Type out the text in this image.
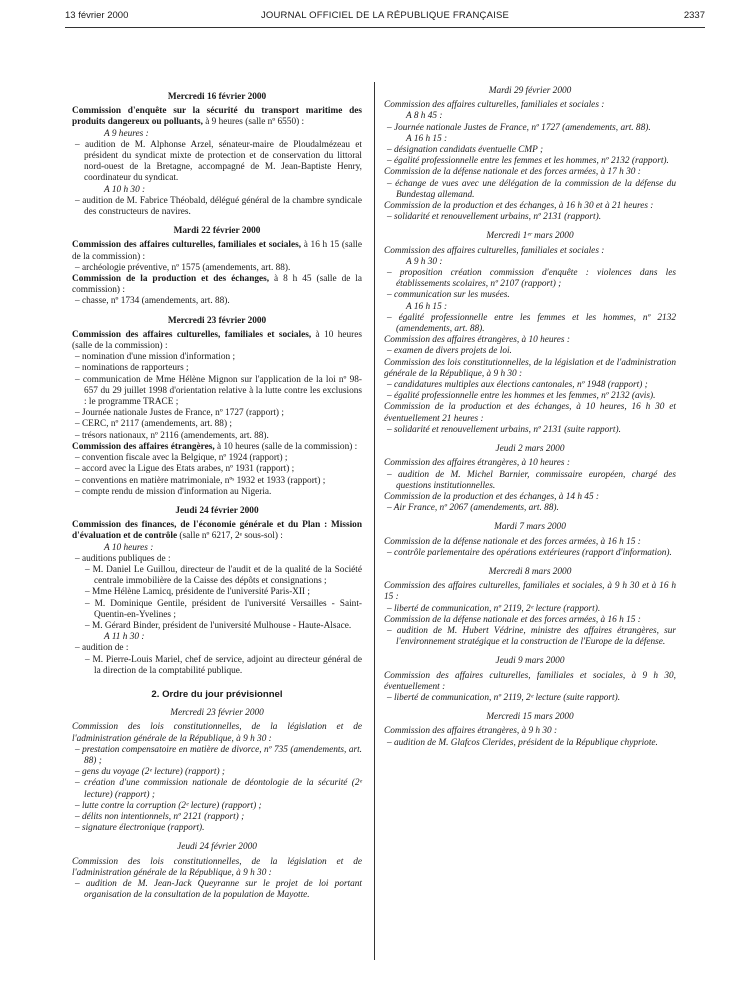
13 février 2000	JOURNAL OFFICIEL DE LA RÉPUBLIQUE FRANÇAISE	2337
Mercredi 16 février 2000
Commission d'enquête sur la sécurité du transport maritime des produits dangereux ou polluants, à 9 heures (salle nº 6550) :
A 9 heures :
– audition de M. Alphonse Arzel, sénateur-maire de Ploudalmézeau et président du syndicat mixte de protection et de conservation du littoral nord-ouest de la Bretagne, accompagné de M. Jean-Baptiste Henry, coordinateur du syndicat.
A 10 h 30 :
– audition de M. Fabrice Théobald, délégué général de la chambre syndicale des constructeurs de navires.
Mardi 22 février 2000
Commission des affaires culturelles, familiales et sociales, à 16 h 15 (salle de la commission) :
– archéologie préventive, nº 1575 (amendements, art. 88).
Commission de la production et des échanges, à 8 h 45 (salle de la commission) :
– chasse, nº 1734 (amendements, art. 88).
Mercredi 23 février 2000
Commission des affaires culturelles, familiales et sociales, à 10 heures (salle de la commission) :
– nomination d'une mission d'information ;
– nominations de rapporteurs ;
– communication de Mme Hélène Mignon sur l'application de la loi nº 98-657 du 29 juillet 1998 d'orientation relative à la lutte contre les exclusions : le programme TRACE ;
– Journée nationale Justes de France, nº 1727 (rapport) ;
– CERC, nº 2117 (amendements, art. 88) ;
– trésors nationaux, nº 2116 (amendements, art. 88).
Commission des affaires étrangères, à 10 heures (salle de la commission) :
– convention fiscale avec la Belgique, nº 1924 (rapport) ;
– accord avec la Ligue des Etats arabes, nº 1931 (rapport) ;
– conventions en matière matrimoniale, nºˢ 1932 et 1933 (rapport) ;
– compte rendu de mission d'information au Nigeria.
Jeudi 24 février 2000
Commission des finances, de l'économie générale et du Plan : Mission d'évaluation et de contrôle (salle nº 6217, 2ᵉ sous-sol) :
A 10 heures :
– auditions publiques de :
– M. Daniel Le Guillou, directeur de l'audit et de la qualité de la Société centrale immobilière de la Caisse des dépôts et consignations ;
– Mme Hélène Lamicq, présidente de l'université Paris-XII ;
– M. Dominique Gentile, président de l'université Versailles - Saint-Quentin-en-Yvelines ;
– M. Gérard Binder, président de l'université Mulhouse - Haute-Alsace.
A 11 h 30 :
– audition de :
– M. Pierre-Louis Mariel, chef de service, adjoint au directeur général de la direction de la comptabilité publique.
2. Ordre du jour prévisionnel
Mercredi 23 février 2000
Commission des lois constitutionnelles, de la législation et de l'administration générale de la République, à 9 h 30 :
– prestation compensatoire en matière de divorce, nº 735 (amendements, art. 88) ;
– gens du voyage (2ᵉ lecture) (rapport) ;
– création d'une commission nationale de déontologie de la sécurité (2ᵉ lecture) (rapport) ;
– lutte contre la corruption (2ᵉ lecture) (rapport) ;
– délits non intentionnels, nº 2121 (rapport) ;
– signature électronique (rapport).
Jeudi 24 février 2000
Commission des lois constitutionnelles, de la législation et de l'administration générale de la République, à 9 h 30 :
– audition de M. Jean-Jack Queyranne sur le projet de loi portant organisation de la consultation de la population de Mayotte.
Mardi 29 février 2000
Commission des affaires culturelles, familiales et sociales :
A 8 h 45 :
– Journée nationale Justes de France, nº 1727 (amendements, art. 88).
A 16 h 15 :
– désignation candidats éventuelle CMP ;
– égalité professionnelle entre les femmes et les hommes, nº 2132 (rapport).
Commission de la défense nationale et des forces armées, à 17 h 30 :
– échange de vues avec une délégation de la commission de la défense du Bundestag allemand.
Commission de la production et des échanges, à 16 h 30 et à 21 heures :
– solidarité et renouvellement urbains, nº 2131 (rapport).
Mercredi 1ᵉʳ mars 2000
Commission des affaires culturelles, familiales et sociales :
A 9 h 30 :
– proposition création commission d'enquête : violences dans les établissements scolaires, nº 2107 (rapport) ;
– communication sur les musées.
A 16 h 15 :
– égalité professionnelle entre les femmes et les hommes, nº 2132 (amendements, art. 88).
Commission des affaires étrangères, à 10 heures :
– examen de divers projets de loi.
Commission des lois constitutionnelles, de la législation et de l'administration générale de la République, à 9 h 30 :
– candidatures multiples aux élections cantonales, nº 1948 (rapport) ;
– égalité professionnelle entre les hommes et les femmes, nº 2132 (avis).
Commission de la production et des échanges, à 10 heures, 16 h 30 et éventuellement 21 heures :
– solidarité et renouvellement urbains, nº 2131 (suite rapport).
Jeudi 2 mars 2000
Commission des affaires étrangères, à 10 heures :
– audition de M. Michel Barnier, commissaire européen, chargé des questions institutionnelles.
Commission de la production et des échanges, à 14 h 45 :
– Air France, nº 2067 (amendements, art. 88).
Mardi 7 mars 2000
Commission de la défense nationale et des forces armées, à 16 h 15 :
– contrôle parlementaire des opérations extérieures (rapport d'information).
Mercredi 8 mars 2000
Commission des affaires culturelles, familiales et sociales, à 9 h 30 et à 16 h 15 :
– liberté de communication, nº 2119, 2ᵉ lecture (rapport).
Commission de la défense nationale et des forces armées, à 16 h 15 :
– audition de M. Hubert Védrine, ministre des affaires étrangères, sur l'environnement stratégique et la construction de l'Europe de la défense.
Jeudi 9 mars 2000
Commission des affaires culturelles, familiales et sociales, à 9 h 30, éventuellement :
– liberté de communication, nº 2119, 2ᵉ lecture (suite rapport).
Mercredi 15 mars 2000
Commission des affaires étrangères, à 9 h 30 :
– audition de M. Glafcos Clerides, président de la République chypriote.
